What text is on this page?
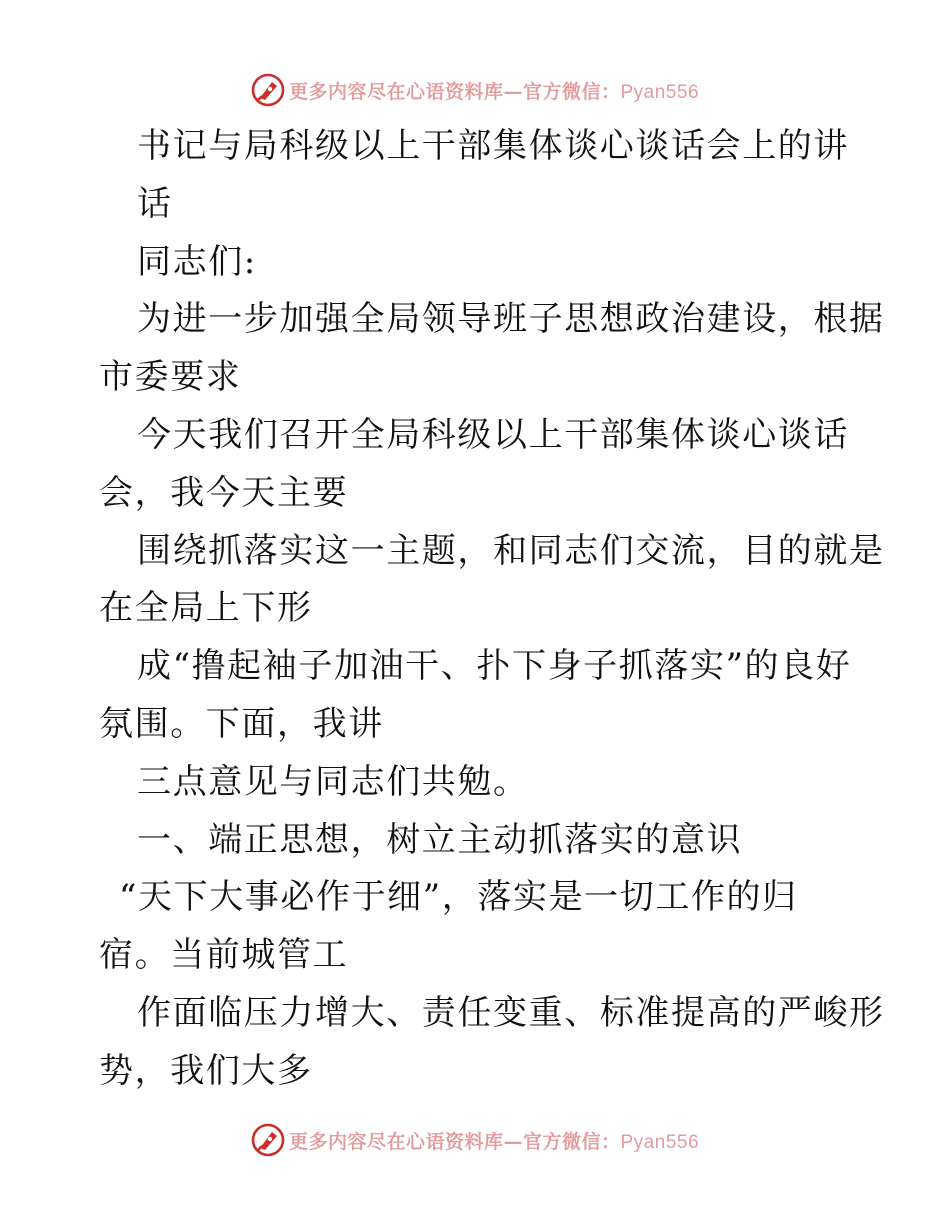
更多内容尽在心语资料库—官方微信：Pyan556
书记与局科级以上干部集体谈心谈话会上的讲
话
同志们:
为进一步加强全局领导班子思想政治建设，根据
市委要求
今天我们召开全局科级以上干部集体谈心谈话
会，我今天主要
围绕抓落实这一主题，和同志们交流，目的就是
在全局上下形
成“撸起袖子加油干、扑下身子抓落实”的良好
氛围。下面，我讲
三点意见与同志们共勉。
一、端正思想，树立主动抓落实的意识
“天下大事必作于细”，落实是一切工作的归
宿。当前城管工
作面临压力增大、责任变重、标准提高的严峻形
势，我们大多
更多内容尽在心语资料库—官方微信：Pyan556
